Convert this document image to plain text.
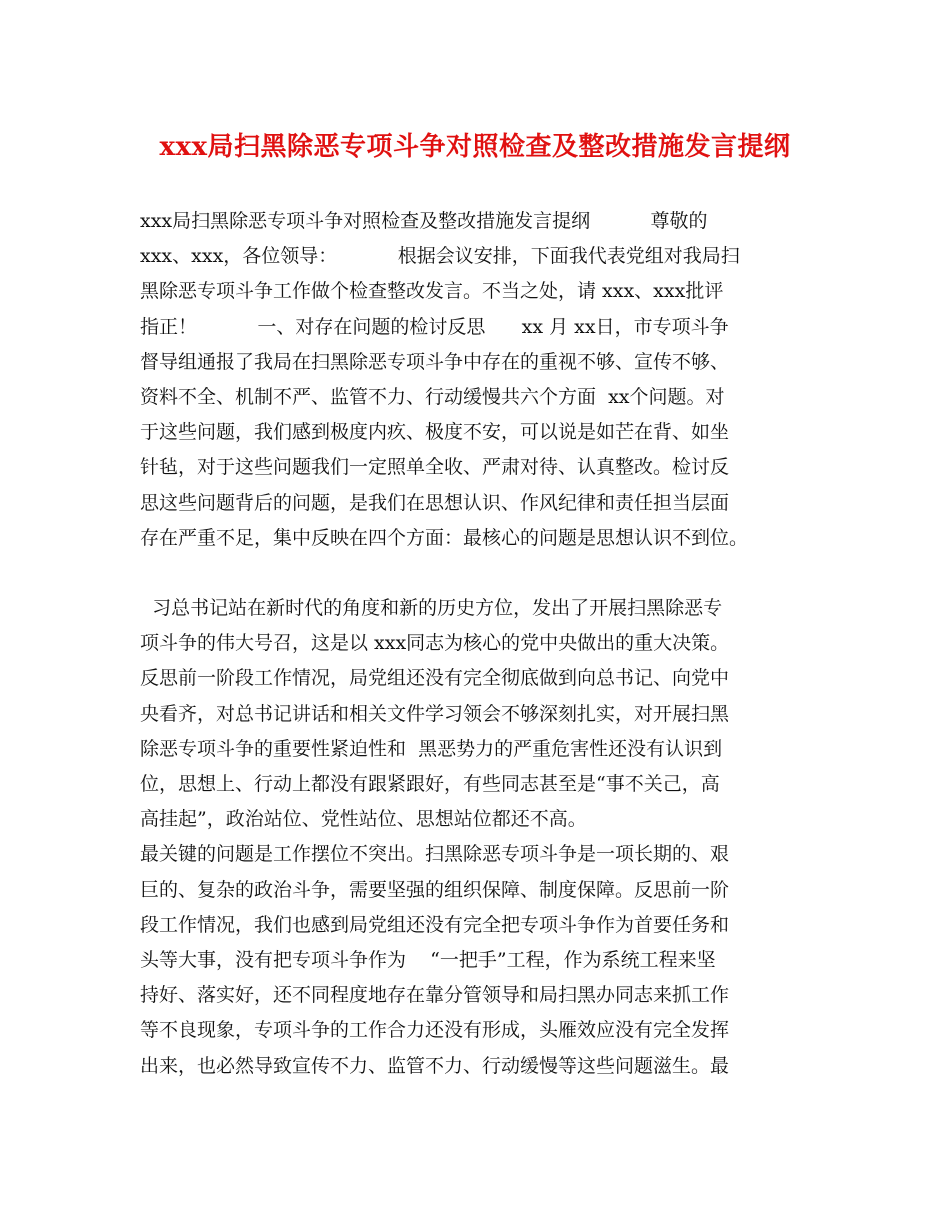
xxx局扫黑除恶专项斗争对照检查及整改措施发言提纲
xxx局扫黑除恶专项斗争对照检查及整改措施发言提纲          尊敬的
xxx、xxx，各位领导：          根据会议安排，下面我代表党组对我局扫
黑除恶专项斗争工作做个检查整改发言。不当之处，请 xxx、xxx批评
指正！          一、对存在问题的检讨反思      xx 月 xx日，市专项斗争
督导组通报了我局在扫黑除恶专项斗争中存在的重视不够、宣传不够、
资料不全、机制不严、监管不力、行动缓慢共六个方面  xx个问题。对
于这些问题，我们感到极度内疚、极度不安，可以说是如芒在背、如坐
针毡，对于这些问题我们一定照单全收、严肃对待、认真整改。检讨反
思这些问题背后的问题，是我们在思想认识、作风纪律和责任担当层面
存在严重不足，集中反映在四个方面：最核心的问题是思想认识不到位。
习总书记站在新时代的角度和新的历史方位，发出了开展扫黑除恶专
项斗争的伟大号召，这是以 xxx同志为核心的党中央做出的重大决策。
反思前一阶段工作情况，局党组还没有完全彻底做到向总书记、向党中
央看齐，对总书记讲话和相关文件学习领会不够深刻扎实，对开展扫黑
除恶专项斗争的重要性紧迫性和  黑恶势力的严重危害性还没有认识到
位，思想上、行动上都没有跟紧跟好，有些同志甚至是“事不关己，高
高挂起”，政治站位、党性站位、思想站位都还不高。
最关键的问题是工作摆位不突出。扫黑除恶专项斗争是一项长期的、艰
巨的、复杂的政治斗争，需要坚强的组织保障、制度保障。反思前一阶
段工作情况，我们也感到局党组还没有完全把专项斗争作为首要任务和
头等大事，没有把专项斗争作为    “一把手”工程，作为系统工程来坚
持好、落实好，还不同程度地存在靠分管领导和局扫黑办同志来抓工作
等不良现象，专项斗争的工作合力还没有形成，头雁效应没有完全发挥
出来，也必然导致宣传不力、监管不力、行动缓慢等这些问题滋生。最
